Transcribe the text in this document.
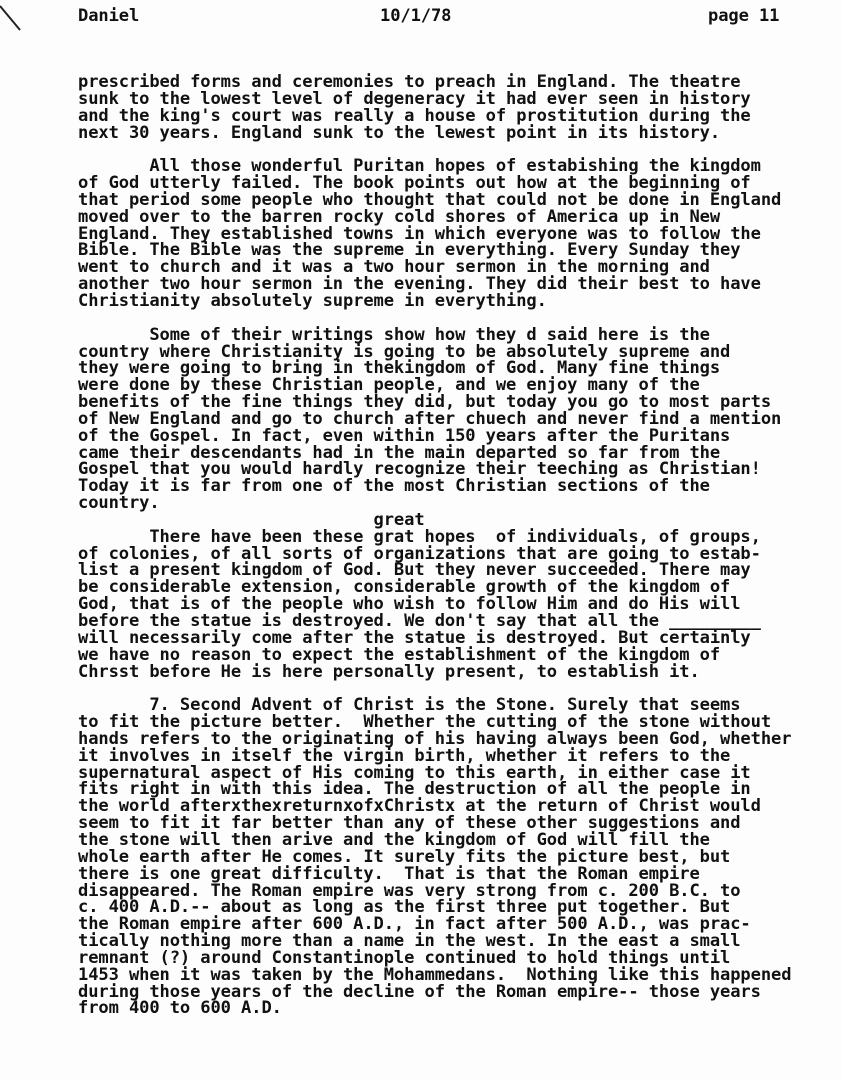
Daniel	10/1/78	page 11
prescribed forms and ceremonies to preach in England. The theatre
sunk to the lowest level of degeneracy it had ever seen in history
and the king's court was really a house of prostitution during the
next 30 years. England sunk to the lewest point in its history.
All those wonderful Puritan hopes of estabishing the kingdom
of God utterly failed. The book points out how at the beginning of
that period some people who thought that could not be done in England
moved over to the barren rocky cold shores of America up in New
England. They established towns in which everyone was to follow the
Bible. The Bible was the supreme in everything. Every Sunday they
went to church and it was a two hour sermon in the morning and
another two hour sermon in the evening. They did their best to have
Christianity absolutely supreme in everything.
Some of their writings show how they d said here is the
country where Christianity is going to be absolutely supreme and
they were going to bring in thekingdom of God. Many fine things
were done by these Christian people, and we enjoy many of the
benefits of the fine things they did, but today you go to most parts
of New England and go to church after chuech and never find a mention
of the Gospel. In fact, even within 150 years after the Puritans
came their descendants had in the main departed so far from the
Gospel that you would hardly recognize their teeching as Christian!
Today it is far from one of the most Christian sections of the
country.
great
There have been these grat hopes  of individuals, of groups,
of colonies, of all sorts of organizations that are going to estab-
list a present kingdom of God. But they never succeeded. There may
be considerable extension, considerable growth of the kingdom of
God, that is of the people who wish to follow Him and do His will
before the statue is destroyed. We don't say that all the _________
will necessarily come after the statue is destroyed. But certainly
we have no reason to expect the establishment of the kingdom of
Chrsst before He is here personally present, to establish it.
7. Second Advent of Christ is the Stone. Surely that seems
to fit the picture better.  Whether the cutting of the stone without
hands refers to the originating of his having always been God, whether
it involves in itself the virgin birth, whether it refers to the
supernatural aspect of His coming to this earth, in either case it
fits right in with this idea. The destruction of all the people in
the world afterxthexreturnxofxChristx at the return of Christ would
seem to fit it far better than any of these other suggestions and
the stone will then arive and the kingdom of God will fill the
whole earth after He comes. It surely fits the picture best, but
there is one great difficulty.  That is that the Roman empire
disappeared. The Roman empire was very strong from c. 200 B.C. to
c. 400 A.D.-- about as long as the first three put together. But
the Roman empire after 600 A.D., in fact after 500 A.D., was prac-
tically nothing more than a name in the west. In the east a small
remnant (?) around Constantinople continued to hold things until
1453 when it was taken by the Mohammedans.  Nothing like this happened
during those years of the decline of the Roman empire-- those years
from 400 to 600 A.D.
